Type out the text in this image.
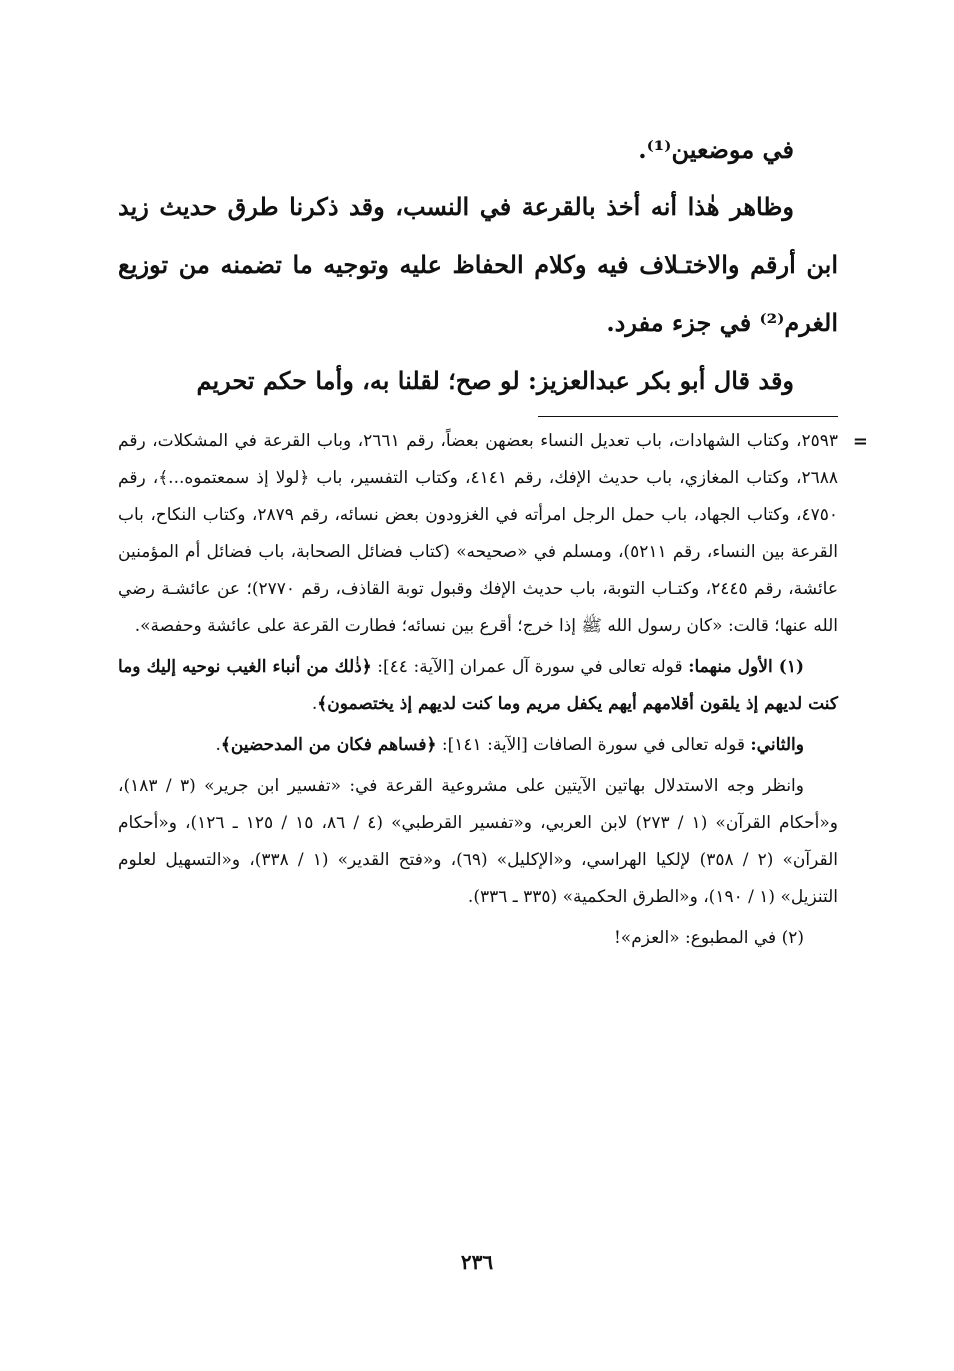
في موضعين⁽¹⁾.

وظاهر هٰذا أنه أخذ بالقرعة في النسب، وقد ذكرنا طرق حديث زيد ابن أرقم والاختـلاف فيه وكلام الحفاظ عليه وتوجيه ما تضمنه من توزيع الغرم⁽²⁾ في جزء مفرد.

وقد قال أبو بكر عبدالعزيز: لو صح؛ لقلنا به، وأما حكم تحريم

=

٢٥٩٣، وكتاب الشهادات، باب تعديل النساء بعضهن بعضاً، رقم ٢٦٦١، وباب القرعة في المشكلات، رقم ٢٦٨٨، وكتاب المغازي، باب حديث الإفك، رقم ٤١٤١، وكتاب التفسير، باب ﴿لولا إذ سمعتموه...﴾، رقم ٤٧٥٠، وكتاب الجهاد، باب حمل الرجل امرأته في الغزودون بعض نسائه، رقم ٢٨٧٩، وكتاب النكاح، باب القرعة بين النساء، رقم ٥٢١١)، ومسلم في «صحيحه» (كتاب فضائل الصحابة، باب فضائل أم المؤمنين عائشة، رقم ٢٤٤٥، وكتـاب التوبة، باب حديث الإفك وقبول توبة القاذف، رقم ٢٧٧٠)؛ عن عائشـة رضي الله عنها؛ قالت: «كان رسول الله ﷺ إذا خرج؛ أقرع بين نسائه؛ فطارت القرعة على عائشة وحفصة».

(١) الأول منهما: قوله تعالى في سورة آل عمران [الآية: ٤٤]: ﴿ذٰلك من أنباء الغيب نوحيه إليك وما كنت لديهم إذ يلقون أقلامهم أيهم يكفل مريم وما كنت لديهم إذ يختصمون﴾.

والثاني: قوله تعالى في سورة الصافات [الآية: ١٤١]: ﴿فساهم فكان من المدحضين﴾.

وانظر وجه الاستدلال بهاتين الآيتين على مشروعية القرعة في: «تفسير ابن جرير» (٣ / ١٨٣)، و«أحكام القرآن» (١ / ٢٧٣) لابن العربي، و«تفسير القرطبي» (٤ / ٨٦، ١٥ / ١٢٥ ـ ١٢٦)، و«أحكام القرآن» (٢ / ٣٥٨) لإلكيا الهراسي، و«الإكليل» (٦٩)، و«فتح القدير» (١ / ٣٣٨)، و«التسهيل لعلوم التنزيل» (١ / ١٩٠)، و«الطرق الحكمية» (٣٣٥ ـ ٣٣٦).

(٢) في المطبوع: «العزم»!

٢٣٦
